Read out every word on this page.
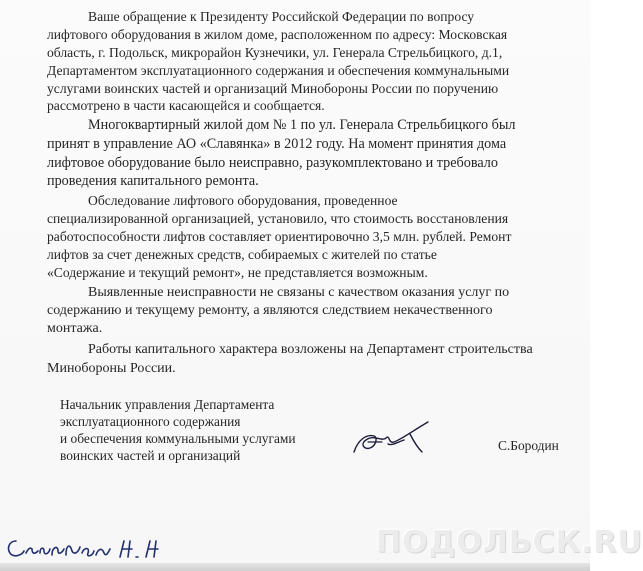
Ваше обращение к Президенту Российской Федерации по вопросу
лифтового оборудования в жилом доме, расположенном по адресу: Московская
область, г. Подольск, микрорайон Кузнечики, ул. Генерала Стрельбицкого, д.1,
Департаментом эксплуатационного содержания и обеспечения коммунальными
услугами воинских частей и организаций Минобороны России по поручению
рассмотрено в части касающейся и сообщается.
Многоквартирный жилой дом № 1 по ул. Генерала Стрельбицкого был
принят в управление АО «Славянка» в 2012 году. На момент принятия дома
лифтовое оборудование было неисправно, разукомплектовано и требовало
проведения капитального ремонта.
Обследование лифтового оборудования, проведенное
специализированной организацией, установило, что стоимость восстановления
работоспособности лифтов составляет ориентировочно 3,5 млн. рублей. Ремонт
лифтов за счет денежных средств, собираемых с жителей по статье
«Содержание и текущий ремонт», не представляется возможным.
Выявленные неисправности не связаны с качеством оказания услуг по
содержанию и текущему ремонту, а являются следствием некачественного
монтажа.
Работы капитального характера возложены на Департамент строительства
Минобороны России.
Начальник управления Департамента
эксплуатационного содержания
и обеспечения коммунальными услугами
воинских частей и организаций
С.Бородин
ПОДОЛЬСК.RU
